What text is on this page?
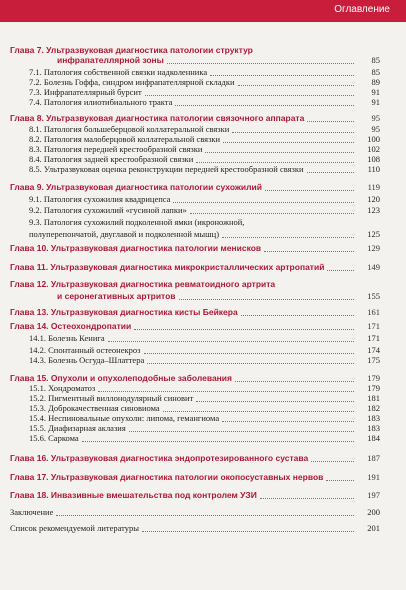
Оглавление
Глава 7. Ультразвуковая диагностика патологии структур
инфрапателлярной зоны	85
7.1. Патология собственной связки надколенника	85
7.2. Болезнь Гоффа, синдром инфрапателлярной складки	89
7.3. Инфрапателлярный бурсит	91
7.4. Патология илиотибиального тракта	91
Глава 8. Ультразвуковая диагностика патологии связочного аппарата	95
8.1. Патология большеберцовой коллатеральной связки	95
8.2. Патология малоберцовой коллатеральной связки	100
8.3. Патология передней крестообразной связки	102
8.4. Патология задней крестообразной связки	108
8.5. Ультразвуковая оценка реконструкции передней крестообразной связки	110
Глава 9. Ультразвуковая диагностика патологии сухожилий	119
9.1. Патология сухожилия квадрицепса	120
9.2. Патология сухожилий «гусиной лапки»	123
9.3. Патология сухожилий подколенной ямки (икроножной,
полуперепончатой, двуглавой и подколенной мышц)	125
Глава 10. Ультразвуковая диагностика патологии менисков	129
Глава 11. Ультразвуковая диагностика микрокристаллических артропатий	149
Глава 12. Ультразвуковая диагностика ревматоидного артрита
и серонегативных артритов	155
Глава 13. Ультразвуковая диагностика кисты Бейкера	161
Глава 14. Остеохондропатии	171
14.1. Болезнь Кенига	171
14.2. Спонтанный остеонекроз	174
14.3. Болезнь Осгуда–Шлаттера	175
Глава 15. Опухоли и опухолеподобные заболевания	179
15.1. Хондроматоз	179
15.2. Пигментный виллонодулярный синовит	181
15.3. Доброкачественная синовиома	182
15.4. Неспиновальные опухоли: липома, гемангиома	183
15.5. Диафизарная аклазия	183
15.6. Саркома	184
Глава 16. Ультразвуковая диагностика эндопротезированного сустава	187
Глава 17. Ультразвуковая диагностика патологии окопосуставных нервов	191
Глава 18. Инвазивные вмешательства под контролем УЗИ	197
Заключение	200
Список рекомендуемой литературы	201
